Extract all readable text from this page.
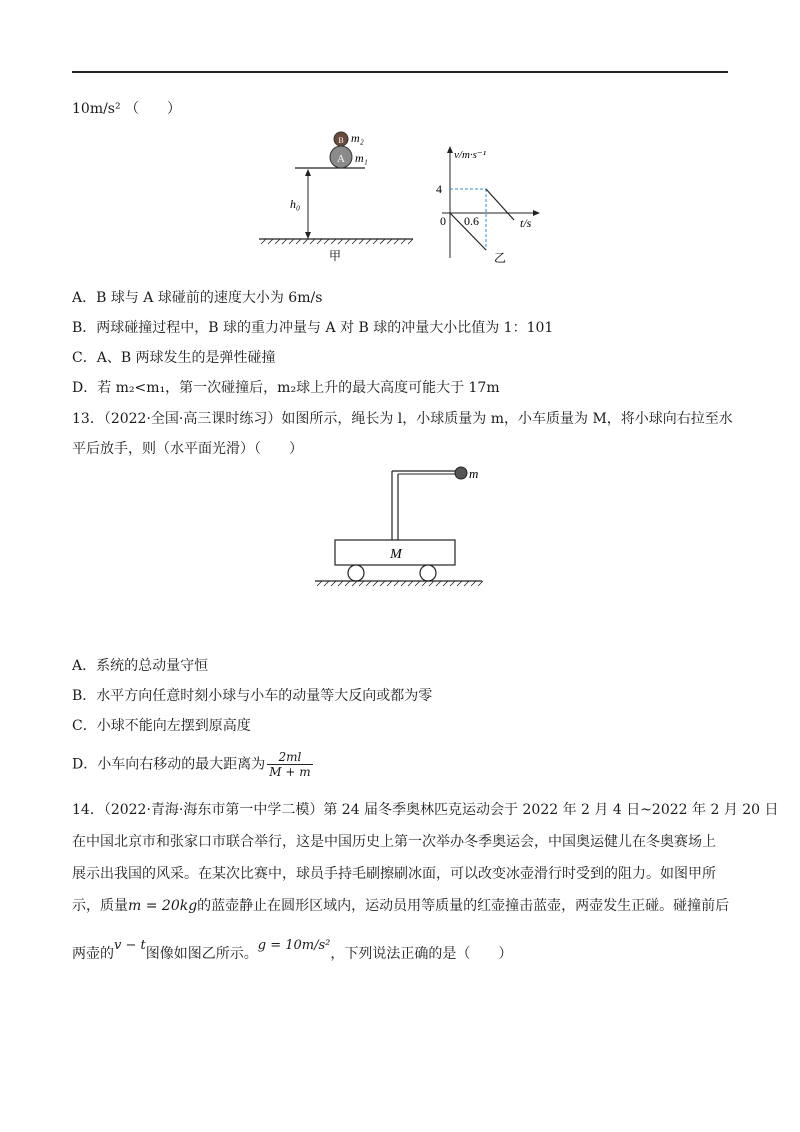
10m/s² （　　）
A
B m₂
m₁
h₀
甲
v/m·s⁻¹
4
0 0.6	t/s
乙
A．B 球与 A 球碰前的速度大小为 6m/s
B．两球碰撞过程中，B 球的重力冲量与 A 对 B 球的冲量大小比值为 1：101
C．A、B 两球发生的是弹性碰撞
D．若 m₂<m₁，第一次碰撞后，m₂球上升的最大高度可能大于 17m
13．（2022·全国·高三课时练习）如图所示，绳长为 l，小球质量为 m，小车质量为 M，将小球向右拉至水
平后放手，则（水平面光滑）（　　）
m
M
A．系统的总动量守恒
B．水平方向任意时刻小球与小车的动量等大反向或都为零
C．小球不能向左摆到原高度
D．小车向右移动的最大距离为 $\frac{2ml}{M + m}$
14．（2022·青海·海东市第一中学二模）第 24 届冬季奥林匹克运动会于 2022 年 2 月 4 日~2022 年 2 月 20 日
在中国北京市和张家口市联合举行，这是中国历史上第一次举办冬季奥运会，中国奥运健儿在冬奥赛场上
展示出我国的风采。在某次比赛中，球员手持毛刷擦刷冰面，可以改变冰壶滑行时受到的阻力。如图甲所
示，质量m = 20kg的蓝壶静止在圆形区域内，运动员用等质量的红壶撞击蓝壶，两壶发生正碰。碰撞前后
两壶的v − t图像如图乙所示。g = 10m/s²，下列说法正确的是（　　）
